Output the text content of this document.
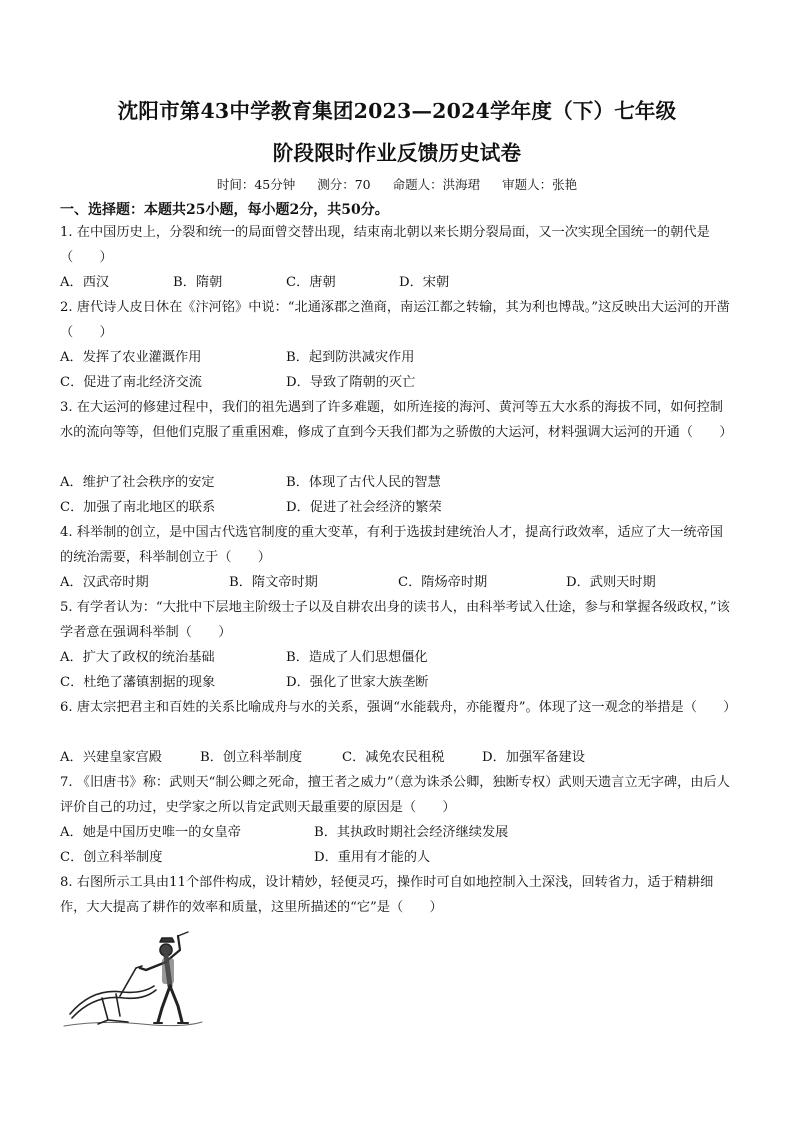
沈阳市第43中学教育集团2023—2024学年度（下）七年级
阶段限时作业反馈历史试卷
时间：45分钟 测分：70 命题人：洪海珺 审题人：张艳
一、选择题：本题共25小题，每小题2分，共50分。
1. 在中国历史上，分裂和统一的局面曾交替出现，结束南北朝以来长期分裂局面，又一次实现全国统一的朝代是（　　）
A．西汉	B．隋朝	C．唐朝	D．宋朝
2. 唐代诗人皮日休在《汴河铭》中说：“北通涿郡之渔商，南运江都之转输，其为利也博哉。”这反映出大运河的开凿（　　）
A．发挥了农业灌溉作用	B．起到防洪减灾作用
C．促进了南北经济交流	D．导致了隋朝的灭亡
3. 在大运河的修建过程中，我们的祖先遇到了许多难题，如所连接的海河、黄河等五大水系的海拔不同，如何控制水的流向等等，但他们克服了重重困难，修成了直到今天我们都为之骄傲的大运河，材料强调大运河的开通（　　）
A．维护了社会秩序的安定	B．体现了古代人民的智慧
C．加强了南北地区的联系	D．促进了社会经济的繁荣
4. 科举制的创立，是中国古代选官制度的重大变革，有利于选拔封建统治人才，提高行政效率，适应了大一统帝国的统治需要，科举制创立于（　　）
A．汉武帝时期	B．隋文帝时期	C．隋炀帝时期	D．武则天时期
5. 有学者认为：“大批中下层地主阶级士子以及自耕农出身的读书人，由科举考试入仕途，参与和掌握各级政权，”该学者意在强调科举制（　　）
A．扩大了政权的统治基础	B．造成了人们思想僵化
C．杜绝了藩镇割据的现象	D．强化了世家大族垄断
6. 唐太宗把君主和百姓的关系比喻成舟与水的关系，强调“水能载舟，亦能覆舟”。体现了这一观念的举措是（　　）
A．兴建皇家宫殿	B．创立科举制度	C．减免农民租税	D．加强军备建设
7. 《旧唐书》称：武则天“制公卿之死命，擅王者之威力”（意为诛杀公卿，独断专权）武则天遗言立无字碑，由后人评价自己的功过，史学家之所以肯定武则天最重要的原因是（　　）
A．她是中国历史唯一的女皇帝	B．其执政时期社会经济继续发展
C．创立科举制度	D．重用有才能的人
8. 右图所示工具由11个部件构成，设计精妙，轻便灵巧，操作时可自如地控制入土深浅，回转省力，适于精耕细作，大大提高了耕作的效率和质量，这里所描述的“它”是（　　）
